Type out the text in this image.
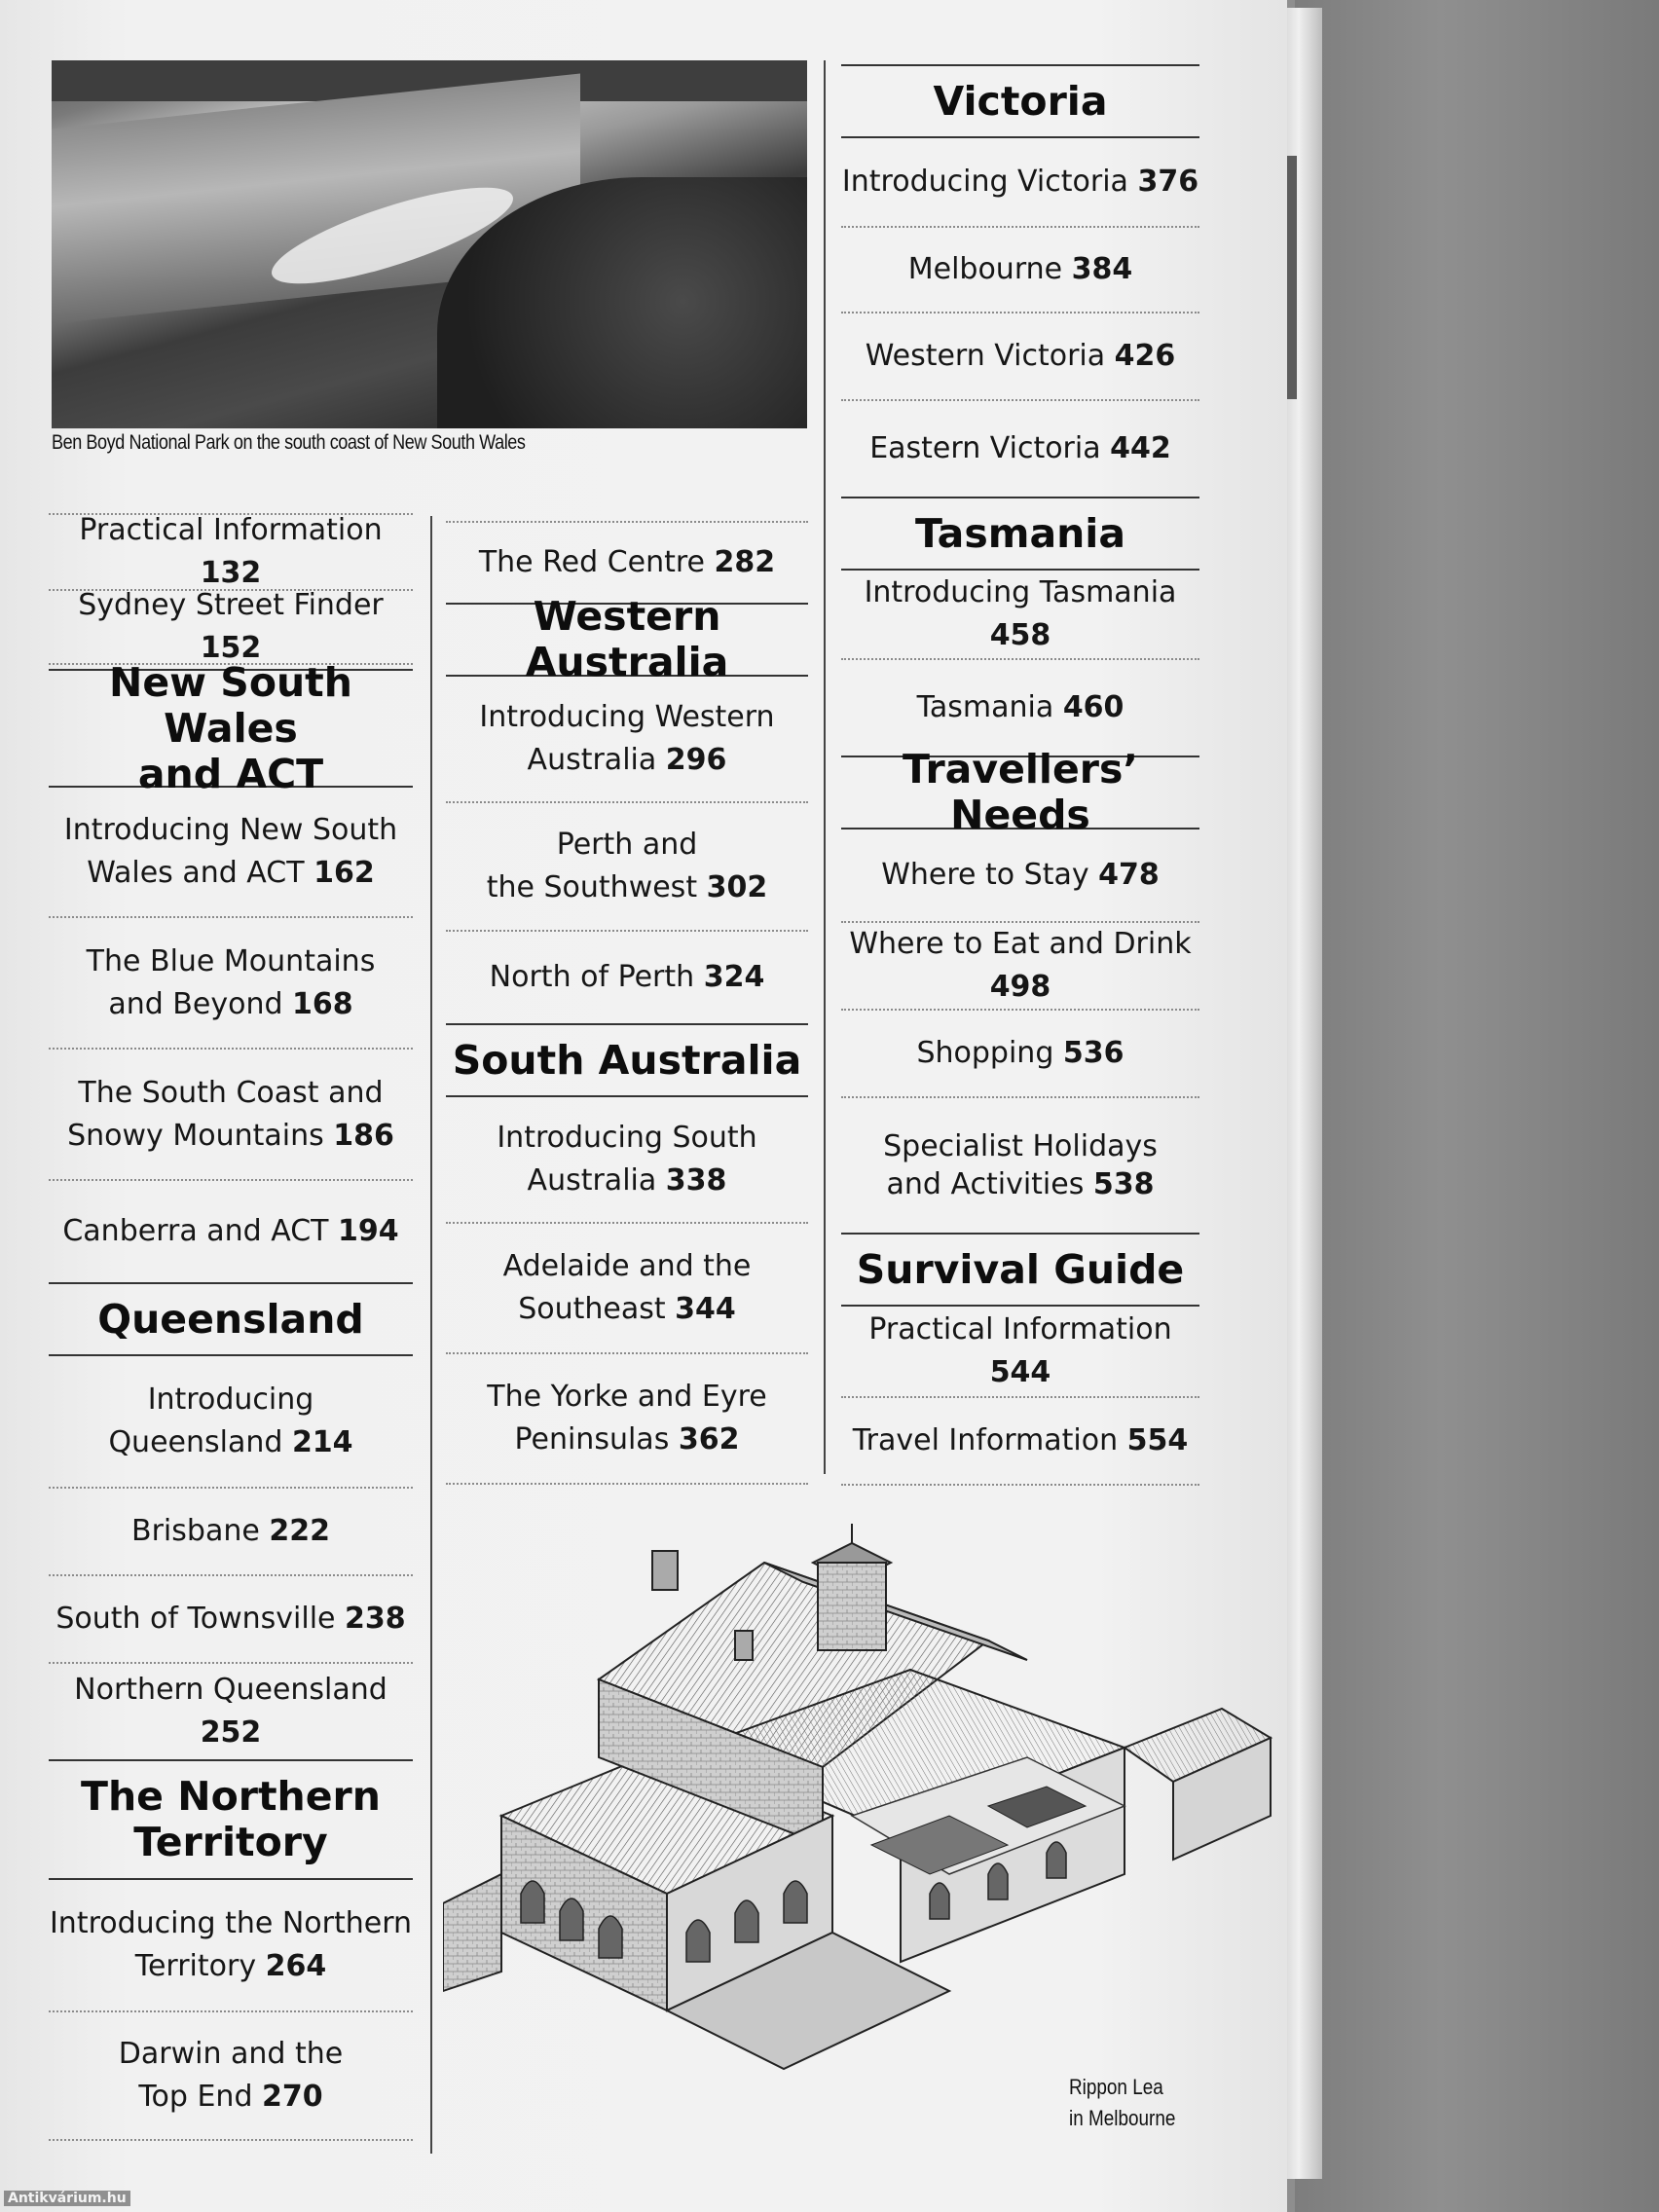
Ben Boyd National Park on the south coast of New South Wales
Practical Information 132
Sydney Street Finder 152
New South Wales
and ACT
Introducing New South
Wales and ACT 162
The Blue Mountains
and Beyond 168
The South Coast and
Snowy Mountains 186
Canberra and ACT 194
Queensland
Introducing
Queensland 214
Brisbane 222
South of Townsville 238
Northern Queensland 252
The Northern
Territory
Introducing the Northern
Territory 264
Darwin and the
Top End 270
The Red Centre 282
Western Australia
Introducing Western
Australia 296
Perth and
the Southwest 302
North of Perth 324
South Australia
Introducing South
Australia 338
Adelaide and the
Southeast 344
The Yorke and Eyre
Peninsulas 362
Victoria
Introducing Victoria 376
Melbourne 384
Western Victoria 426
Eastern Victoria 442
Tasmania
Introducing Tasmania 458
Tasmania 460
Travellers’ Needs
Where to Stay 478
Where to Eat and Drink 498
Shopping 536
Specialist Holidays
and Activities 538
Survival Guide
Practical Information 544
Travel Information 554
Rippon Lea
in Melbourne
Antikvárium.hu
